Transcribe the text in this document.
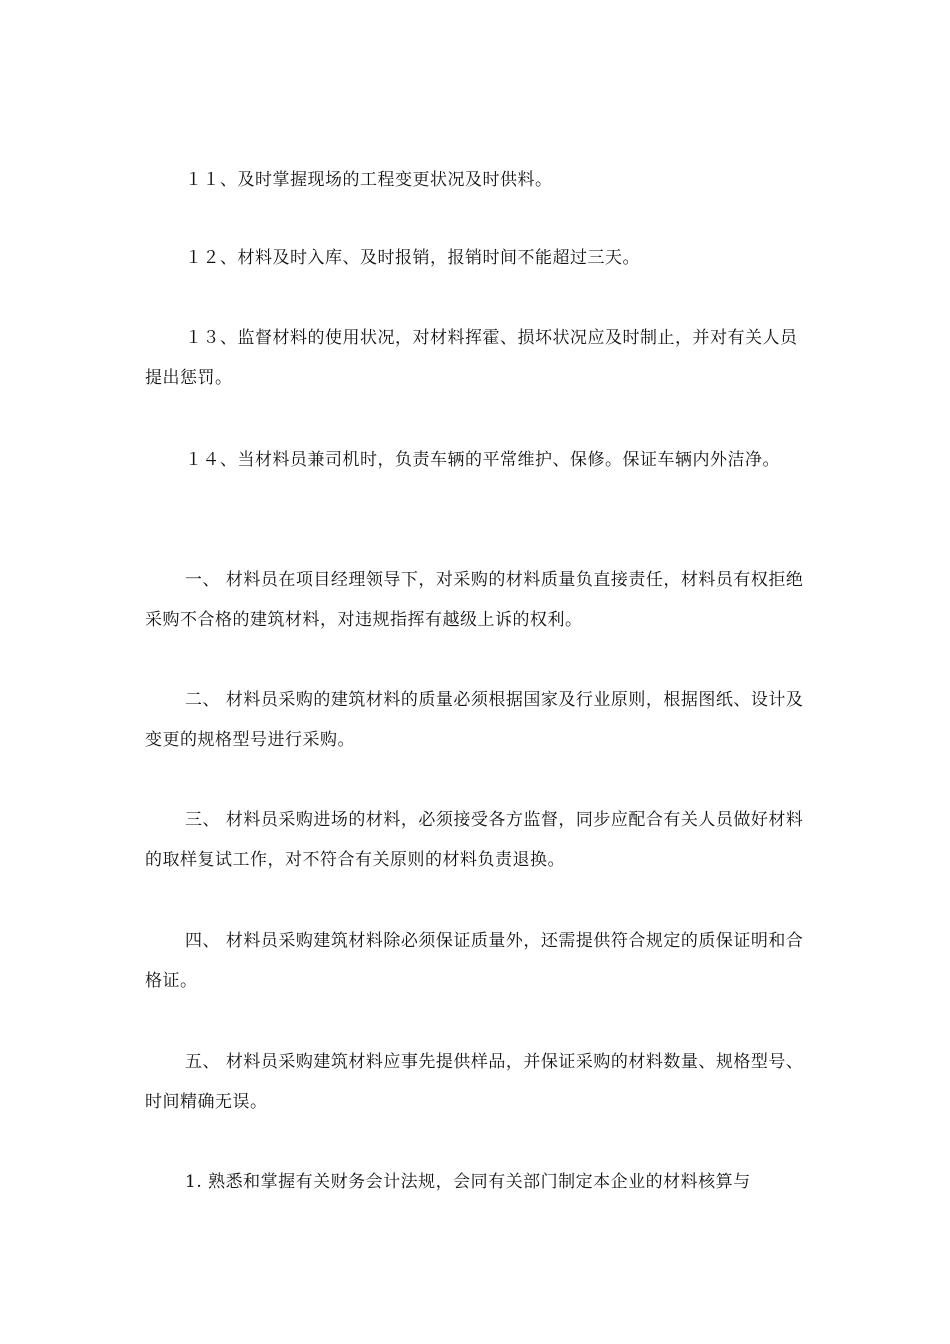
１１、及时掌握现场的工程变更状况及时供料。

１２、材料及时入库、及时报销，报销时间不能超过三天。

１３、监督材料的使用状况，对材料挥霍、损坏状况应及时制止，并对有关人员提出惩罚。

１４、当材料员兼司机时，负责车辆的平常维护、保修。保证车辆内外洁净。

一、 材料员在项目经理领导下，对采购的材料质量负直接责任，材料员有权拒绝采购不合格的建筑材料，对违规指挥有越级上诉的权利。

二、 材料员采购的建筑材料的质量必须根据国家及行业原则，根据图纸、设计及变更的规格型号进行采购。

三、 材料员采购进场的材料，必须接受各方监督，同步应配合有关人员做好材料的取样复试工作，对不符合有关原则的材料负责退换。

四、 材料员采购建筑材料除必须保证质量外，还需提供符合规定的质保证明和合格证。

五、 材料员采购建筑材料应事先提供样品，并保证采购的材料数量、规格型号、时间精确无误。

1. 熟悉和掌握有关财务会计法规，会同有关部门制定本企业的材料核算与
